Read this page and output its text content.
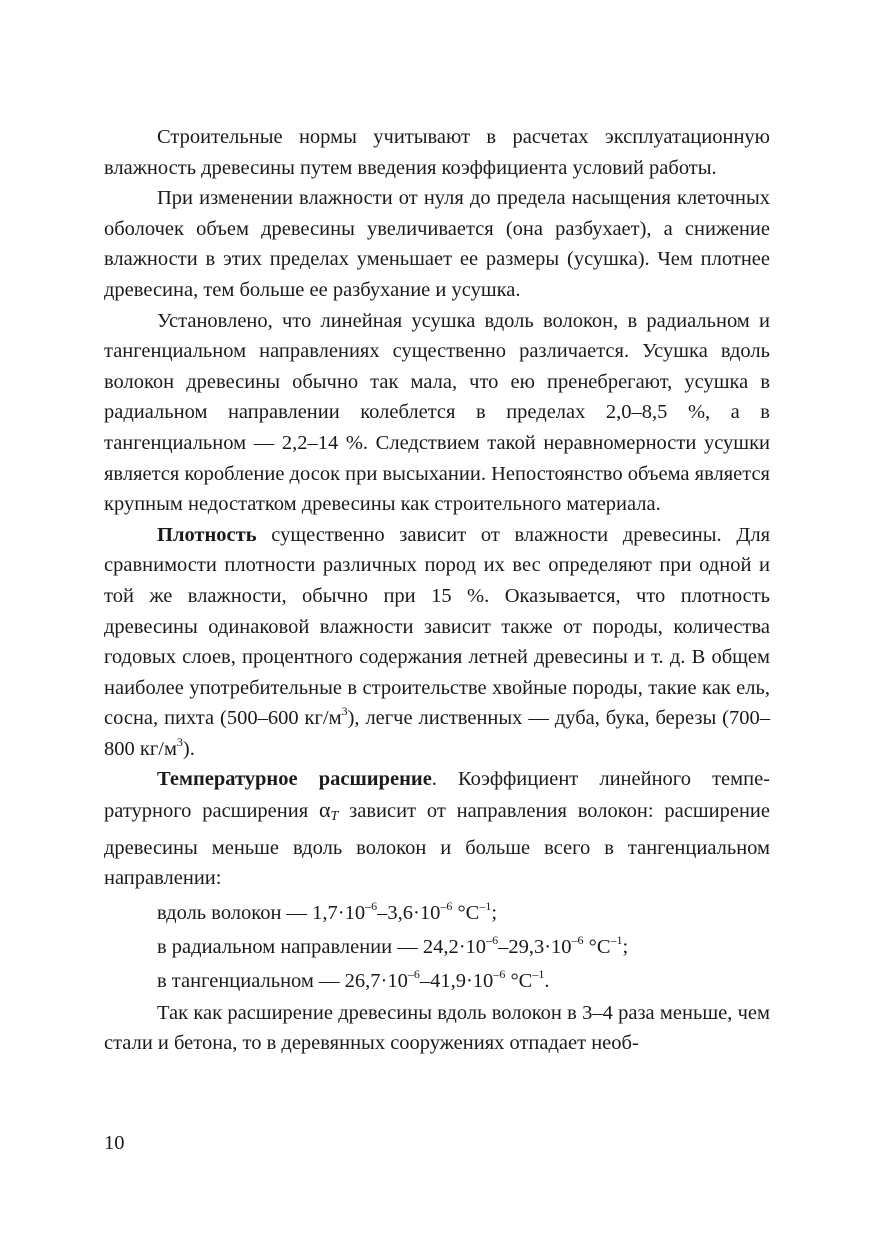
Строительные нормы учитывают в расчетах эксплуатационную влажность древесины путем введения коэффициента условий работы.

При изменении влажности от нуля до предела насыщения клеточных оболочек объем древесины увеличивается (она разбухает), а снижение влажности в этих пределах уменьшает ее размеры (усушка). Чем плотнее древесина, тем больше ее разбухание и усушка.

Установлено, что линейная усушка вдоль волокон, в радиальном и тангенциальном направлениях существенно различается. Усушка вдоль волокон древесины обычно так мала, что ею пренебрегают, усушка в радиальном направлении колеблется в пределах 2,0–8,5 %, а в тангенциальном — 2,2–14 %. Следствием такой неравномерности усушки является коробление досок при высыхании. Непостоянство объема является крупным недостатком древесины как строительного материала.

Плотность существенно зависит от влажности древесины. Для сравнимости плотности различных пород их вес определяют при одной и той же влажности, обычно при 15 %. Оказывается, что плотность древесины одинаковой влажности зависит также от породы, количества годовых слоев, процентного содержания летней древесины и т. д. В общем наиболее употребительные в строительстве хвойные породы, такие как ель, сосна, пихта (500–600 $кг/м^3$), легче лиственных — дуба, бука, березы (700–800 $кг/м^3$).

Температурное расширение. Коэффициент линейного температурного расширения $\alpha_T$ зависит от направления волокон: расширение древесины меньше вдоль волокон и больше всего в тангенциальном направлении:

вдоль волокон — $1,7\cdot 10^{-6}-3,6\cdot 10^{-6}$ $^\circ С^{-1}$;

в радиальном направлении — $24,2\cdot 10^{-6}-29,3\cdot 10^{-6}$ $^\circ С^{-1}$;

в тангенциальном — $26,7\cdot 10^{-6}-41,9\cdot 10^{-6}$ $^\circ С^{-1}$.

Так как расширение древесины вдоль волокон в 3–4 раза меньше, чем стали и бетона, то в деревянных сооружениях отпадает необ-

10
